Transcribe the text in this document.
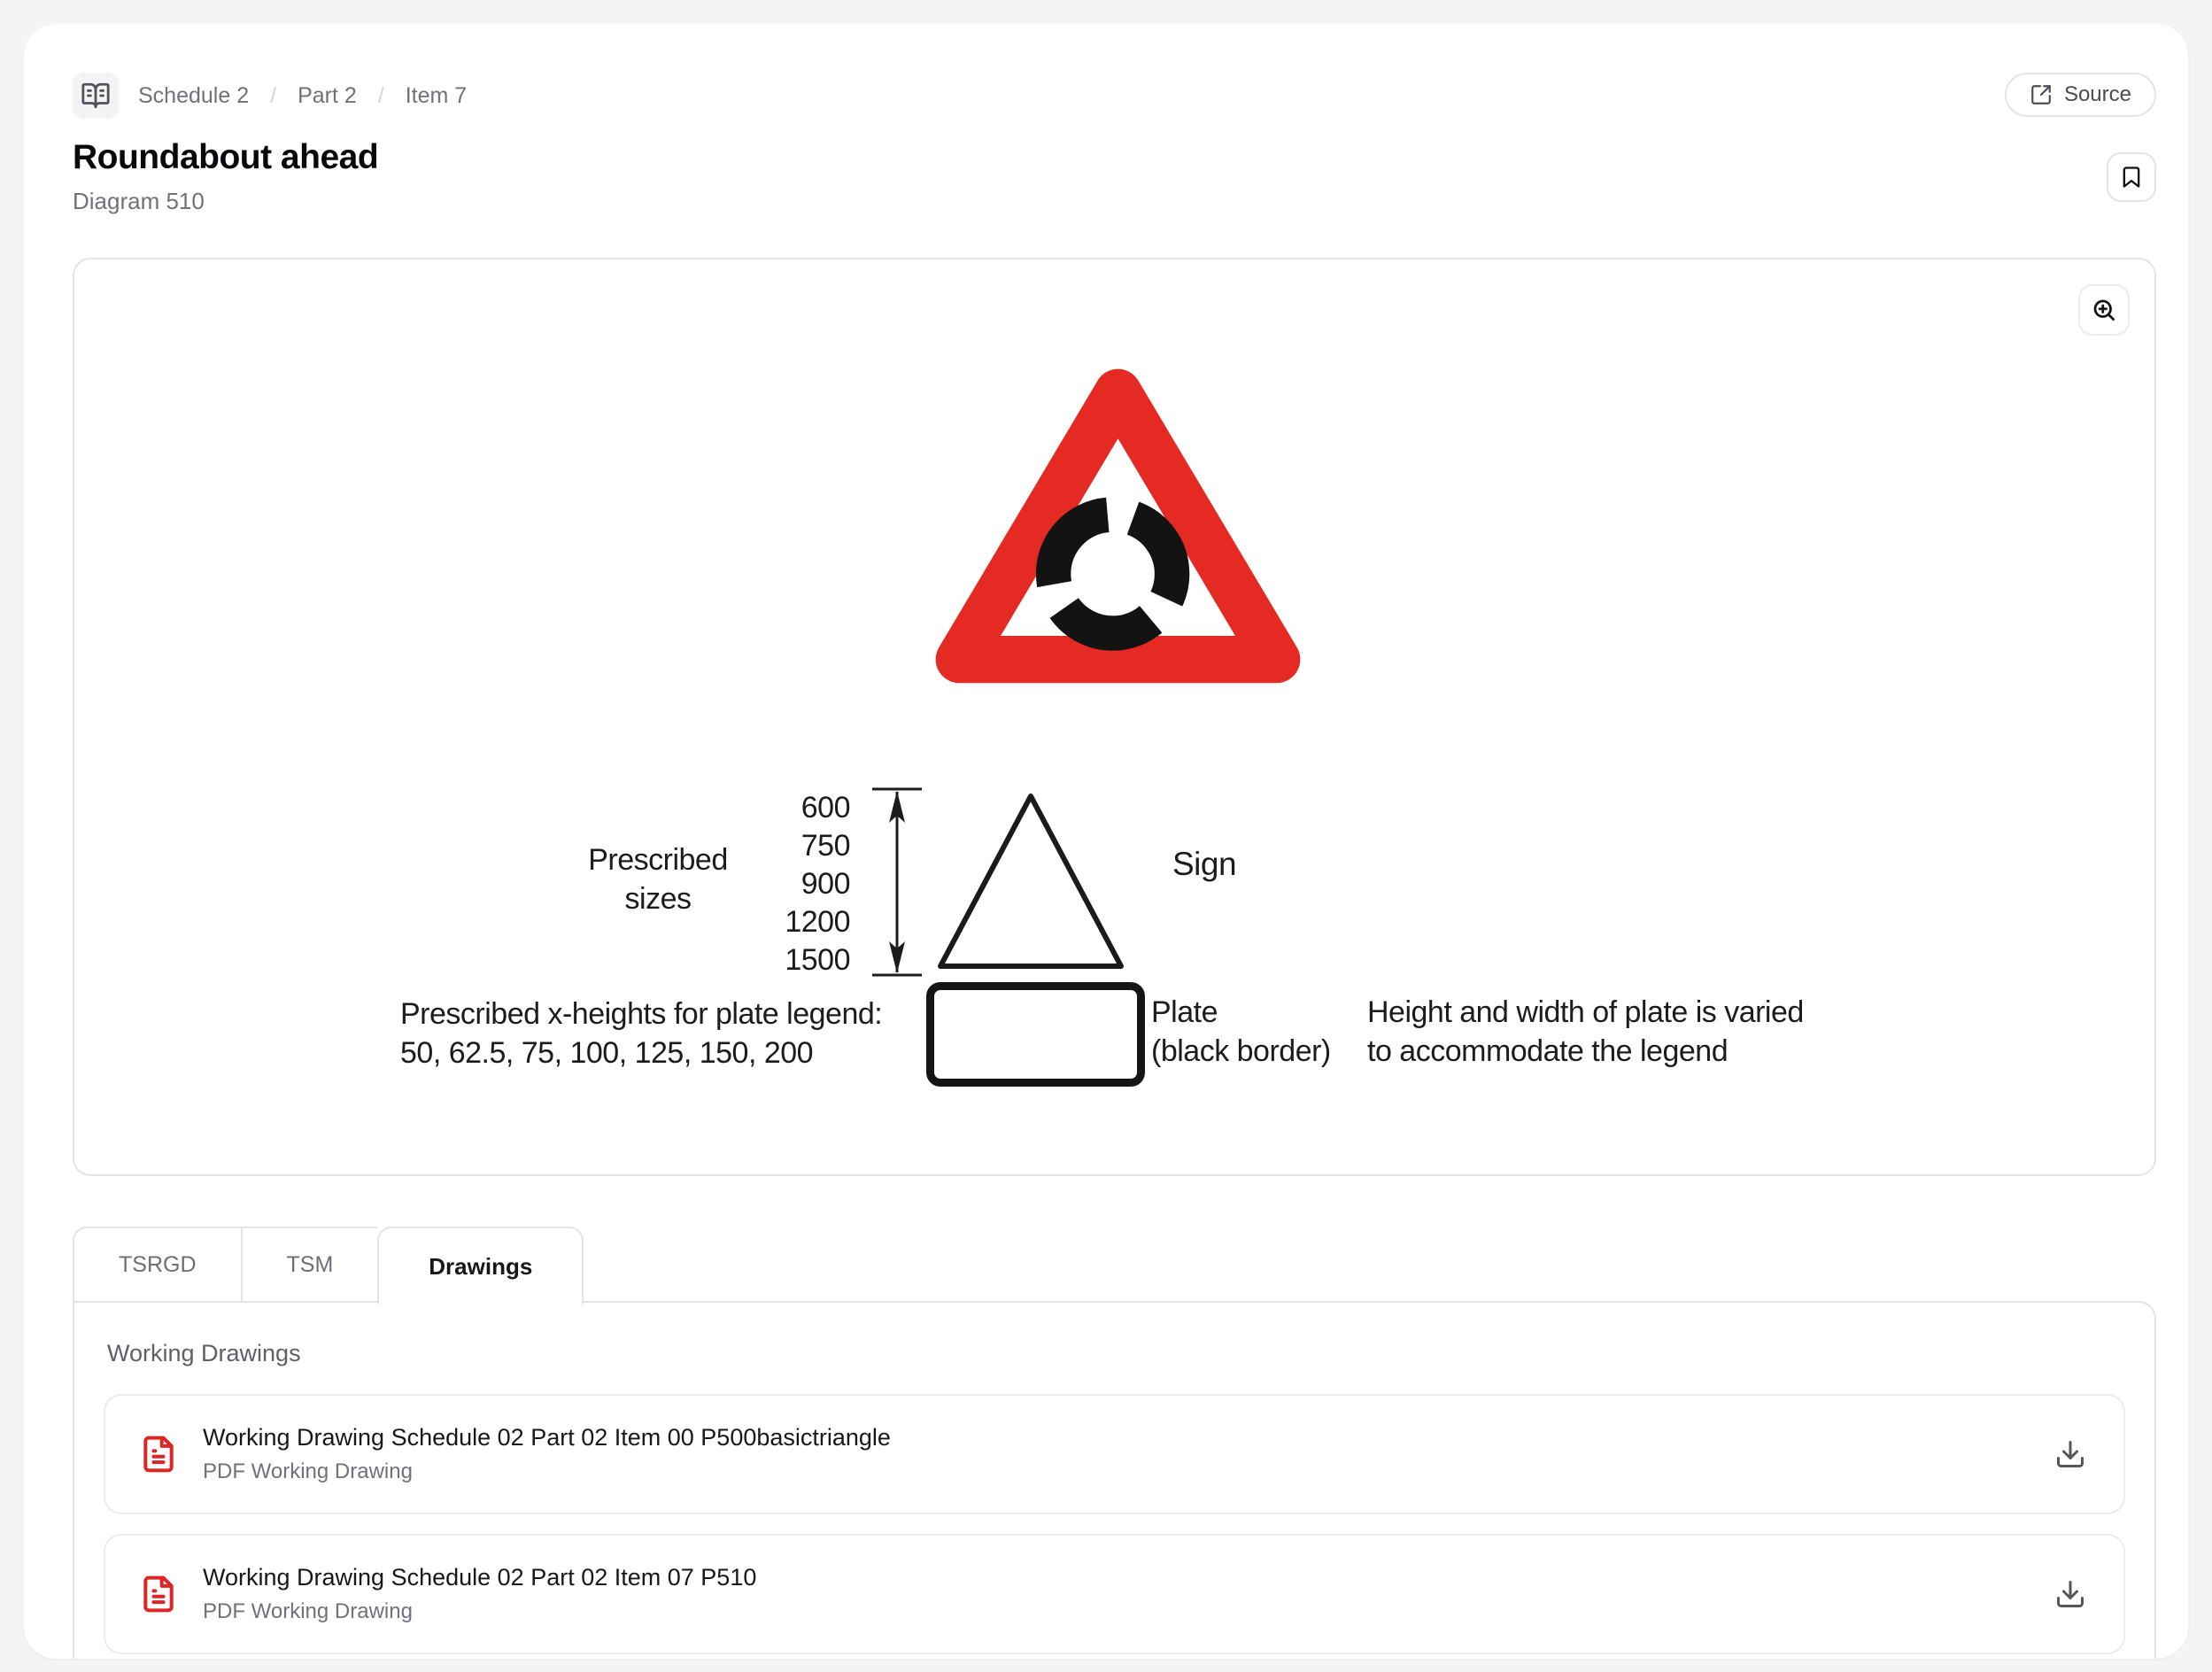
Schedule 2 / Part 2 / Item 7
Roundabout ahead
Diagram 510
Source
600
750
900
1200
1500
Prescribed
sizes
Sign
Plate
(black border)
Prescribed x-heights for plate legend:
50, 62.5, 75, 100, 125, 150, 200
Height and width of plate is varied
to accommodate the legend
TSRGD	TSM	Drawings
Working Drawings
Working Drawing Schedule 02 Part 02 Item 00 P500basictriangle
PDF Working Drawing
Working Drawing Schedule 02 Part 02 Item 07 P510
PDF Working Drawing
